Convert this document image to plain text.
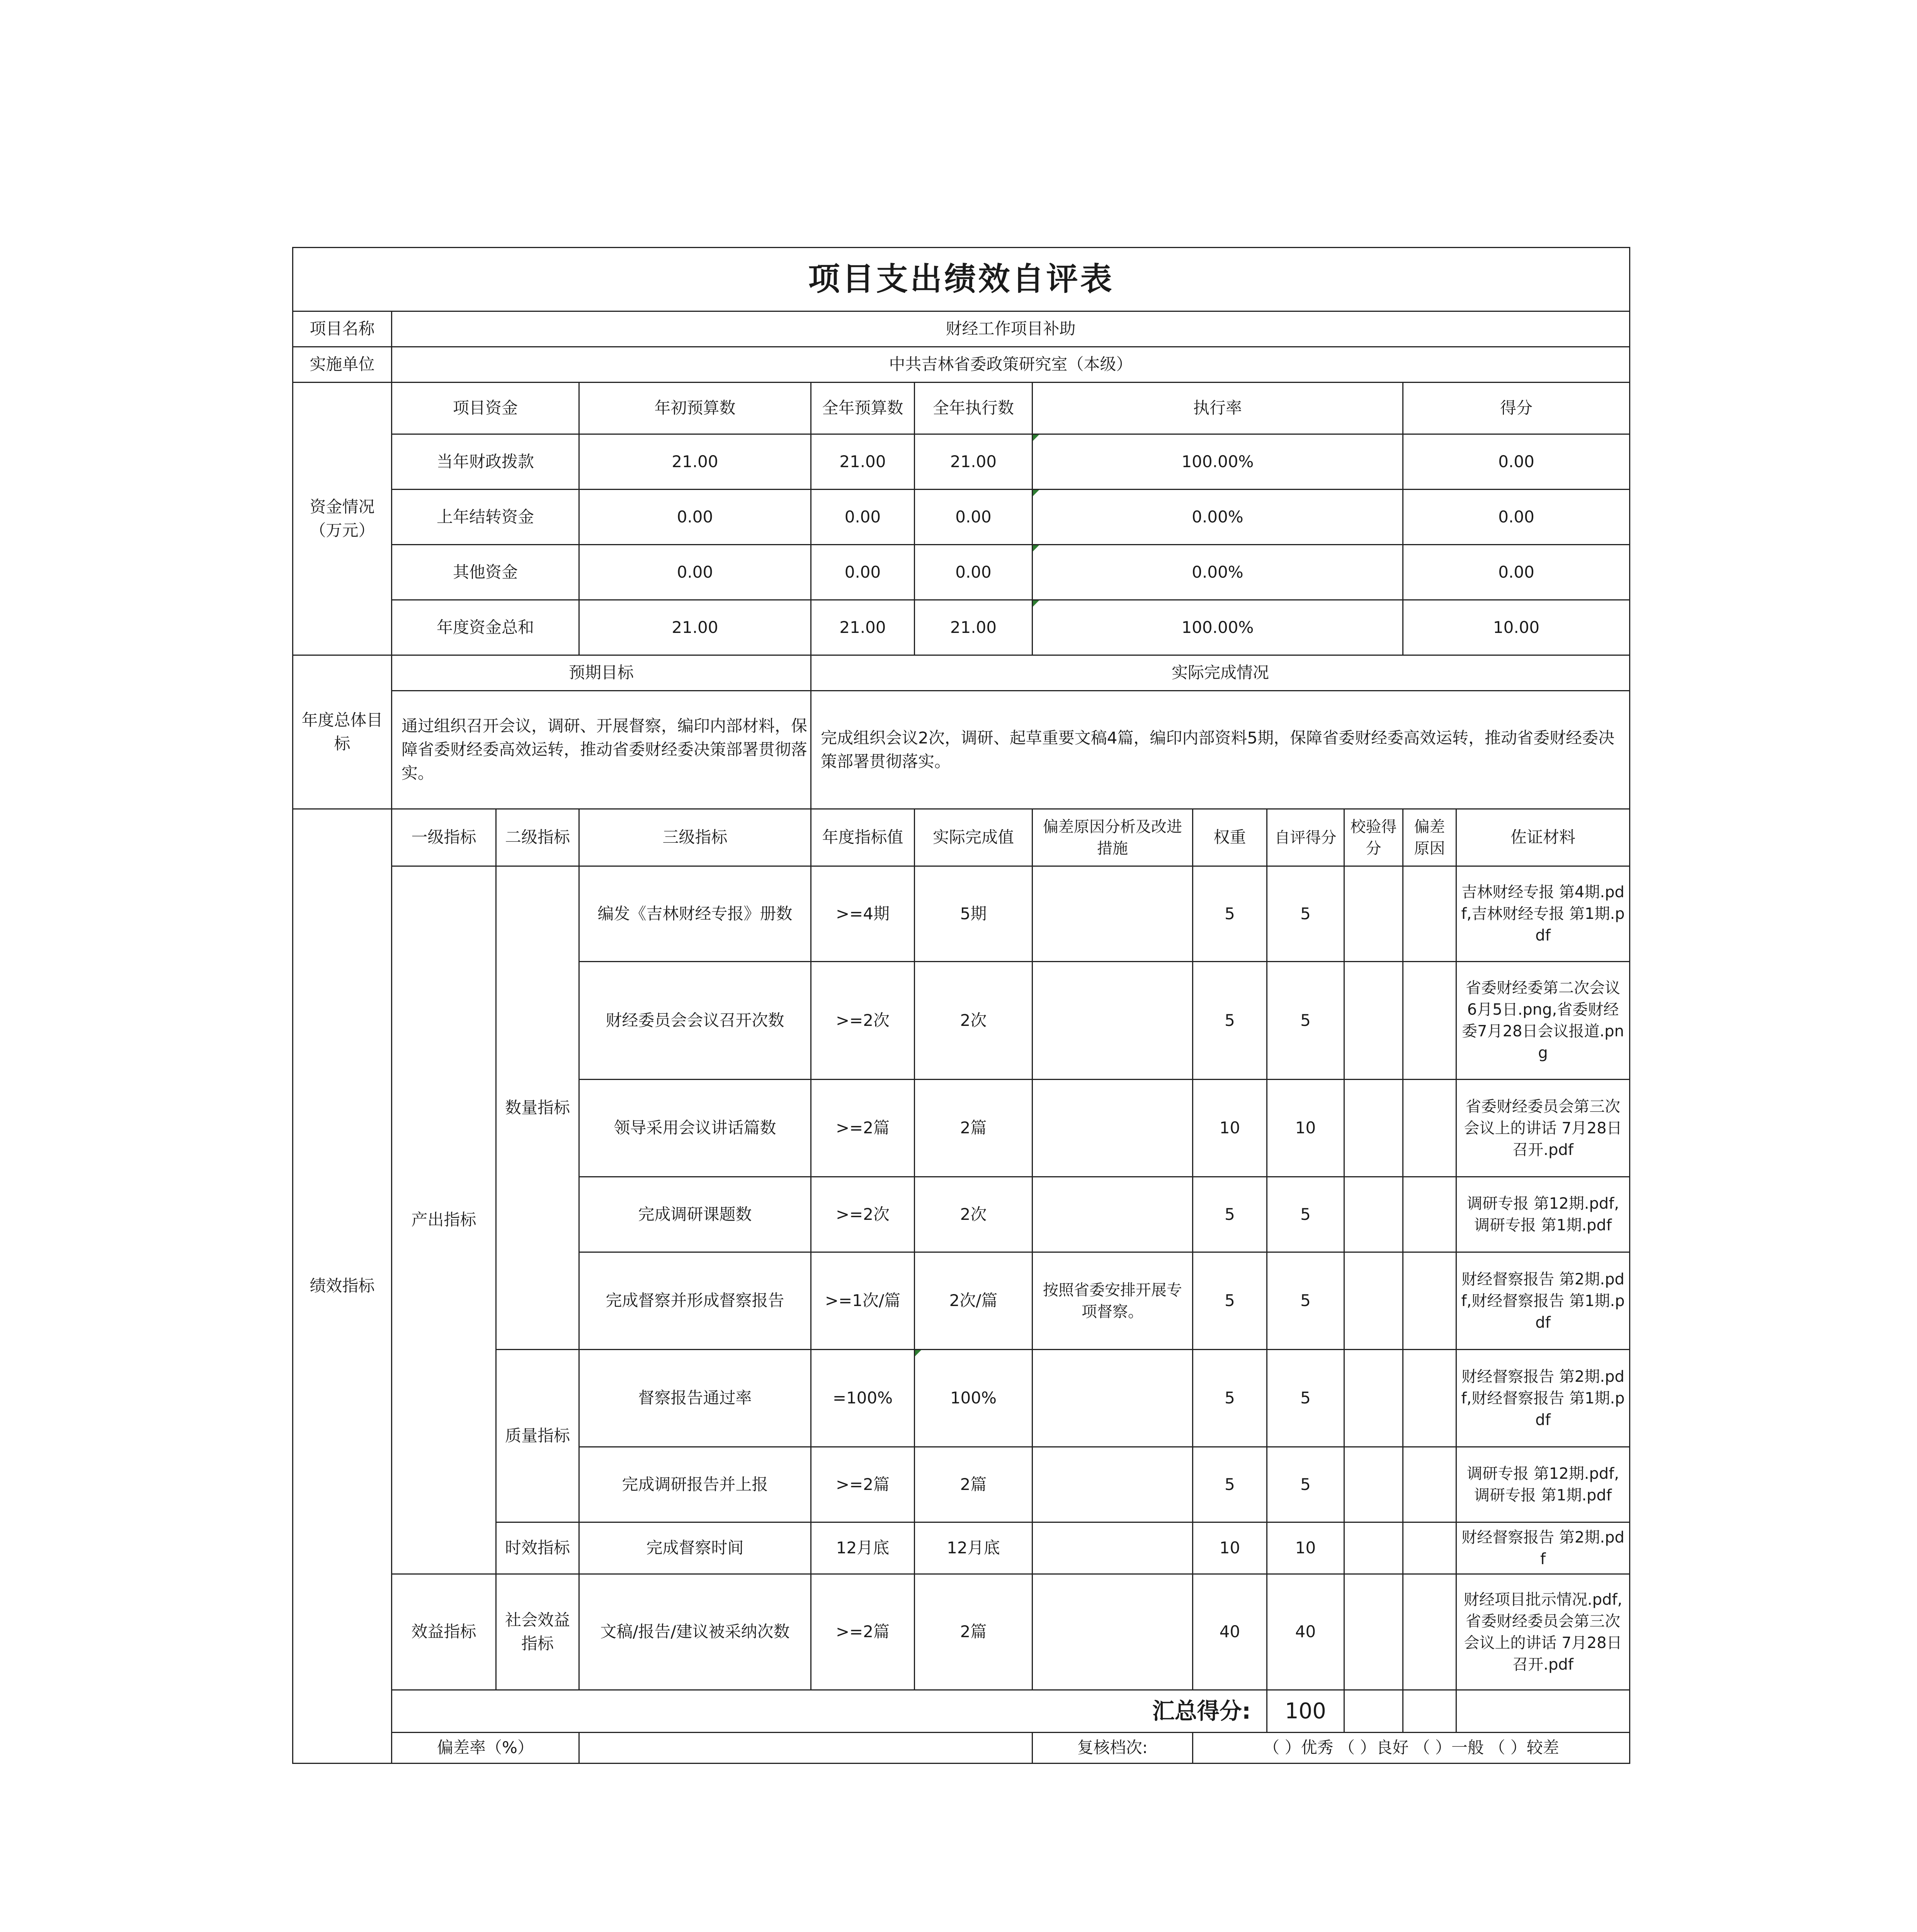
项目支出绩效自评表											
项目名称	财经工作项目补助										
实施单位	中共吉林省委政策研究室（本级）										
资金情况（万元）	项目资金		年初预算数	全年预算数	全年执行数	执行率				得分	
	当年财政拨款		21.00	21.00	21.00	100.00%				0.00	
	上年结转资金		0.00	0.00	0.00	0.00%				0.00	
	其他资金		0.00	0.00	0.00	0.00%				0.00	
	年度资金总和		21.00	21.00	21.00	100.00%				10.00	
年度总体目标	预期目标			实际完成情况							
	通过组织召开会议，调研、开展督察，编印内部材料，保障省委财经委高效运转，推动省委财经委决策部署贯彻落实。			完成组织会议2次，调研、起草重要文稿4篇，编印内部资料5期，保障省委财经委高效运转，推动省委财经委决策部署贯彻落实。							
绩效指标	一级指标	二级指标	三级指标	年度指标值	实际完成值	偏差原因分析及改进措施	权重	自评得分	校验得分	偏差原因	佐证材料
	产出指标	数量指标	编发《吉林财经专报》册数	>=4期	5期		5	5			吉林财经专报 第4期.pdf,吉林财经专报 第1期.pdf
			财经委员会会议召开次数	>=2次	2次		5	5			省委财经委第二次会议 6月5日.png,省委财经委7月28日会议报道.png
			领导采用会议讲话篇数	>=2篇	2篇		10	10			省委财经委员会第三次会议上的讲话 7月28日召开.pdf
			完成调研课题数	>=2次	2次		5	5			调研专报 第12期.pdf,调研专报 第1期.pdf
			完成督察并形成督察报告	>=1次/篇	2次/篇	按照省委安排开展专项督察。	5	5			财经督察报告 第2期.pdf,财经督察报告 第1期.pdf
		质量指标	督察报告通过率	=100%	100%		5	5			财经督察报告 第2期.pdf,财经督察报告 第1期.pdf
			完成调研报告并上报	>=2篇	2篇		5	5			调研专报 第12期.pdf,调研专报 第1期.pdf
		时效指标	完成督察时间	12月底	12月底		10	10			财经督察报告 第2期.pdf
	效益指标	社会效益指标	文稿/报告/建议被采纳次数	>=2篇	2篇		40	40			财经项目批示情况.pdf,省委财经委员会第三次会议上的讲话 7月28日召开.pdf
	汇总得分:							100			
	偏差率（%）					复核档次:	（ ）优秀 （ ）良好 （ ）一般 （ ）较差				
